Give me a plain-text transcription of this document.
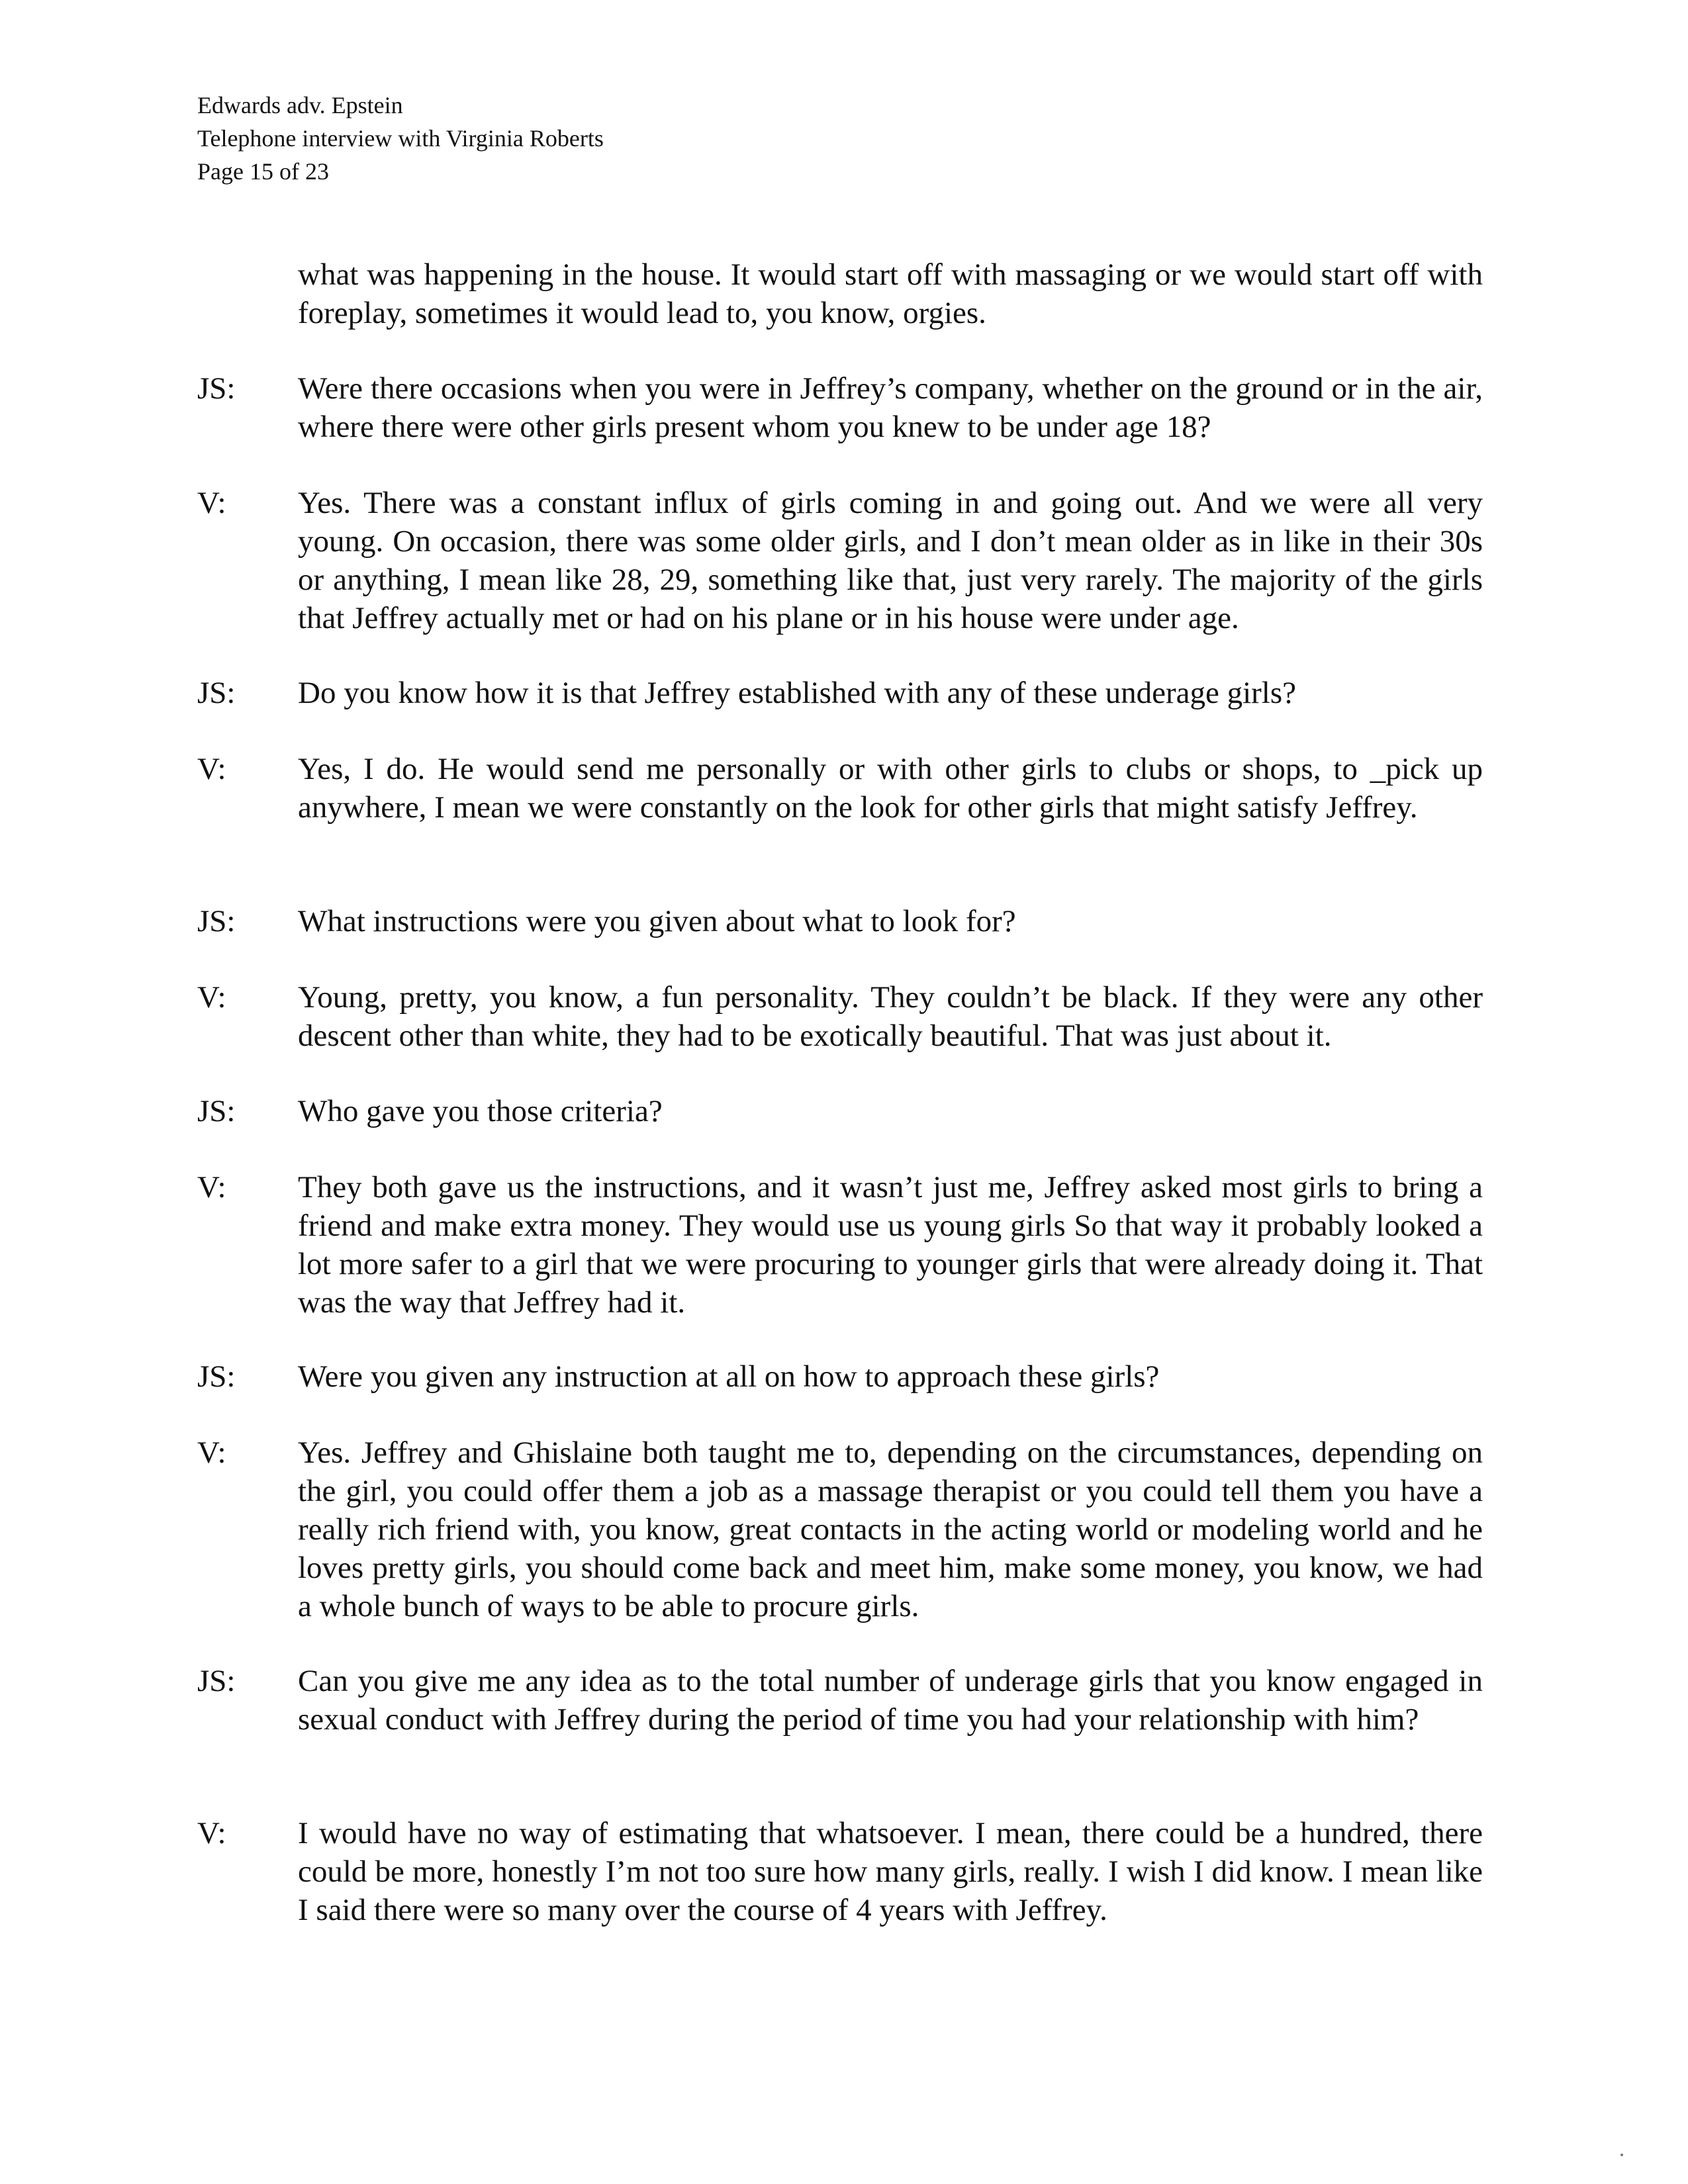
Edwards adv. Epstein
Telephone interview with Virginia Roberts
Page 15 of 23
what was happening in the house. It would start off with massaging or we would start off with foreplay, sometimes it would lead to, you know, orgies.
JS:	Were there occasions when you were in Jeffrey’s company, whether on the ground or in the air, where there were other girls present whom you knew to be under age 18?
V:	Yes. There was a constant influx of girls coming in and going out. And we were all very young. On occasion, there was some older girls, and I don’t mean older as in like in their 30s or anything, I mean like 28, 29, something like that, just very rarely. The majority of the girls that Jeffrey actually met or had on his plane or in his house were under age.
JS:	Do you know how it is that Jeffrey established with any of these underage girls?
V:	Yes, I do. He would send me personally or with other girls to clubs or shops, to _pick up anywhere, I mean we were constantly on the look for other girls that might satisfy Jeffrey.
JS:	What instructions were you given about what to look for?
V:	Young, pretty, you know, a fun personality. They couldn’t be black. If they were any other descent other than white, they had to be exotically beautiful. That was just about it.
JS:	Who gave you those criteria?
V:	They both gave us the instructions, and it wasn’t just me, Jeffrey asked most girls to bring a friend and make extra money. They would use us young girls So that way it probably looked a lot more safer to a girl that we were procuring to younger girls that were already doing it. That was the way that Jeffrey had it.
JS:	Were you given any instruction at all on how to approach these girls?
V:	Yes. Jeffrey and Ghislaine both taught me to, depending on the circumstances, depending on the girl, you could offer them a job as a massage therapist or you could tell them you have a really rich friend with, you know, great contacts in the acting world or modeling world and he loves pretty girls, you should come back and meet him, make some money, you know, we had a whole bunch of ways to be able to procure girls.
JS:	Can you give me any idea as to the total number of underage girls that you know engaged in sexual conduct with Jeffrey during the period of time you had your relationship with him?
V:	I would have no way of estimating that whatsoever. I mean, there could be a hundred, there could be more, honestly I’m not too sure how many girls, really. I wish I did know. I mean like I said there were so many over the course of 4 years with Jeffrey.
